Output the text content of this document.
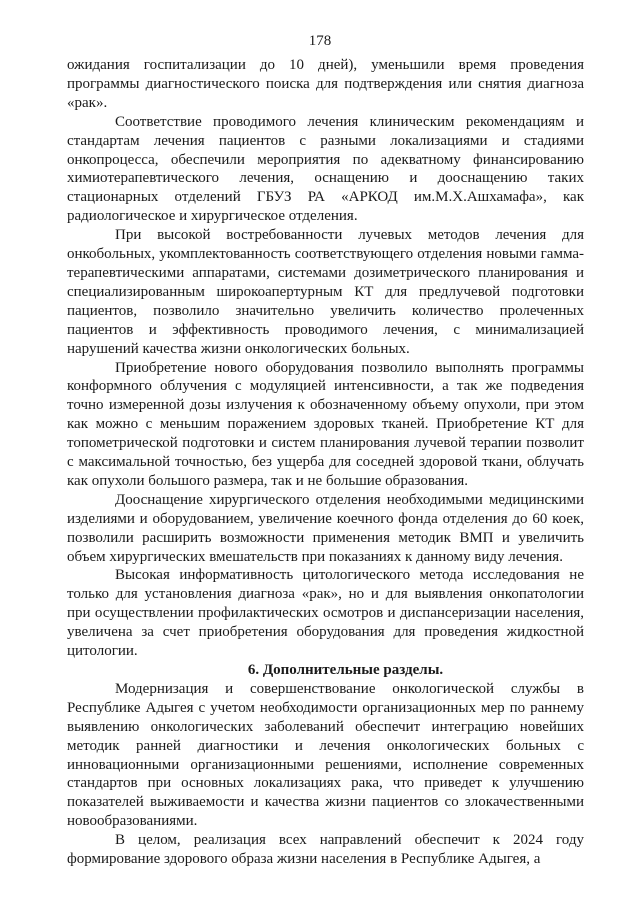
178

ожидания госпитализации до 10 дней), уменьшили время проведения программы диагностического поиска для подтверждения или снятия диагноза «рак».

Соответствие проводимого лечения клиническим рекомендациям и стандартам лечения пациентов с разными локализациями и стадиями онкопроцесса, обеспечили мероприятия по адекватному финансированию химиотерапевтического лечения, оснащению и дооснащению таких стационарных отделений ГБУЗ РА «АРКОД им.М.Х.Ашхамафа», как радиологическое и хирургическое отделения.

При высокой востребованности лучевых методов лечения для онкобольных, укомплектованность соответствующего отделения новыми гамма-терапевтическими аппаратами, системами дозиметрического планирования и специализированным широкоапертурным КТ для предлучевой подготовки пациентов, позволило значительно увеличить количество пролеченных пациентов и эффективность проводимого лечения, с минимализацией нарушений качества жизни онкологических больных.

Приобретение нового оборудования позволило выполнять программы конформного облучения с модуляцией интенсивности, а так же подведения точно измеренной дозы излучения к обозначенному объему опухоли, при этом как можно с меньшим поражением здоровых тканей. Приобретение КТ для топометрической подготовки и систем планирования лучевой терапии позволит с максимальной точностью, без ущерба для соседней здоровой ткани, облучать как опухоли большого размера, так и не большие образования.

Дооснащение хирургического отделения необходимыми медицинскими изделиями и оборудованием, увеличение коечного фонда отделения до 60 коек, позволили расширить возможности применения методик ВМП и увеличить объем хирургических вмешательств при показаниях к данному виду лечения.

Высокая информативность цитологического метода исследования не только для установления диагноза «рак», но и для выявления онкопатологии при осуществлении профилактических осмотров и диспансеризации населения, увеличена за счет приобретения оборудования для проведения жидкостной цитологии.

6. Дополнительные разделы.

Модернизация и совершенствование онкологической службы в Республике Адыгея с учетом необходимости организационных мер по раннему выявлению онкологических заболеваний обеспечит интеграцию новейших методик ранней диагностики и лечения онкологических больных с инновационными организационными решениями, исполнение современных стандартов при основных локализациях рака, что приведет к улучшению показателей выживаемости и качества жизни пациентов со злокачественными новообразованиями.

В целом, реализация всех направлений обеспечит к 2024 году формирование здорового образа жизни населения в Республике Адыгея, а
